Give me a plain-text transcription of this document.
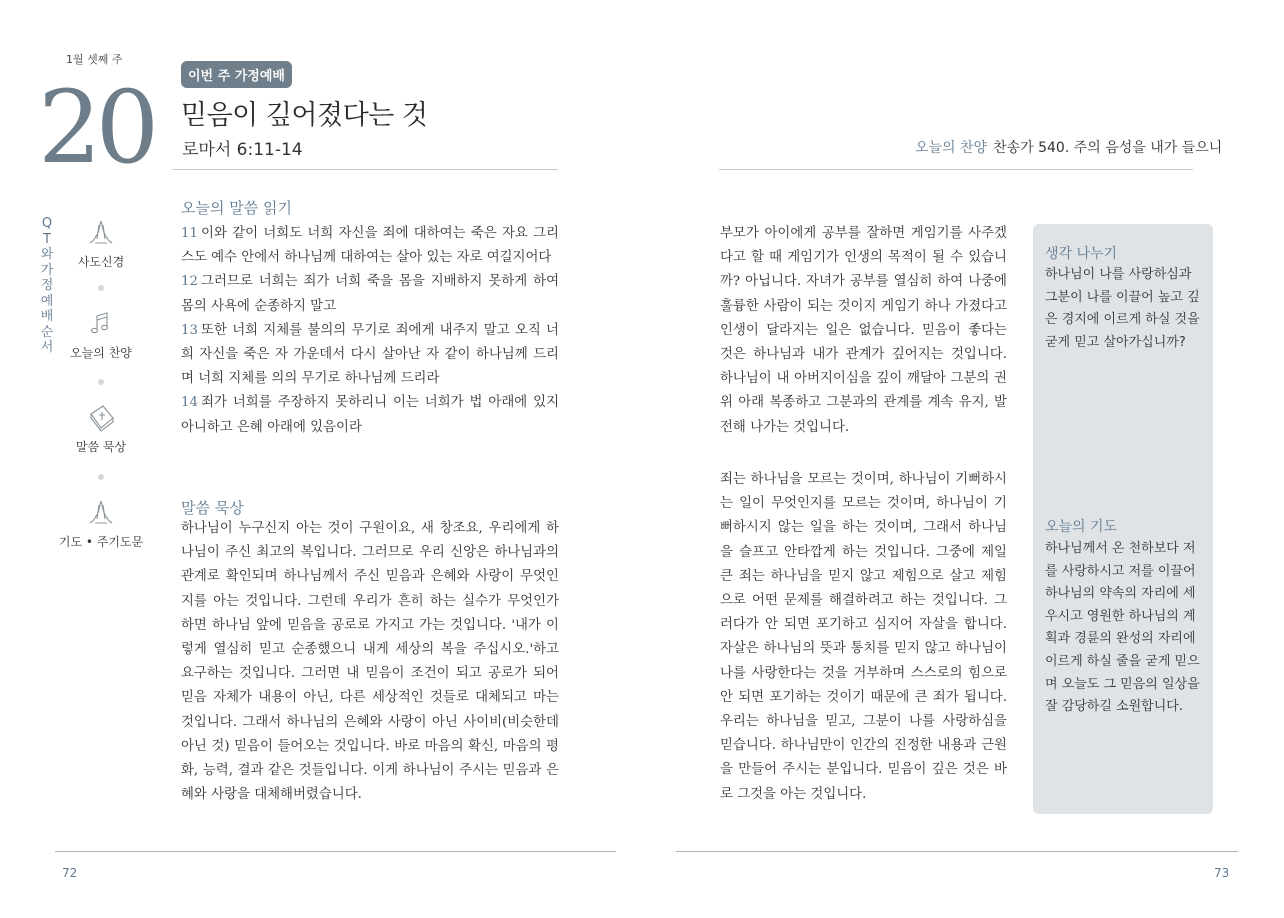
1월 셋째 주
20	이번 주 가정예배
믿음이 깊어졌다는 것
로마서 6:11-14
QT와 가정예배 순서
사도신경
오늘의 찬양
말씀 묵상
기도 • 주기도문
오늘의 말씀 읽기
11 이와 같이 너희도 너희 자신을 죄에 대하여는 죽은 자요 그리스도 예수 안에서 하나님께 대하여는 살아 있는 자로 여길지어다
12 그러므로 너희는 죄가 너희 죽을 몸을 지배하지 못하게 하여 몸의 사욕에 순종하지 말고
13 또한 너희 지체를 불의의 무기로 죄에게 내주지 말고 오직 너희 자신을 죽은 자 가운데서 다시 살아난 자 같이 하나님께 드리며 너희 지체를 의의 무기로 하나님께 드리라
14 죄가 너희를 주장하지 못하리니 이는 너희가 법 아래에 있지 아니하고 은혜 아래에 있음이라
말씀 묵상
하나님이 누구신지 아는 것이 구원이요, 새 창조요, 우리에게 하나님이 주신 최고의 복입니다. 그러므로 우리 신앙은 하나님과의 관계로 확인되며 하나님께서 주신 믿음과 은혜와 사랑이 무엇인지를 아는 것입니다. 그런데 우리가 흔히 하는 실수가 무엇인가 하면 하나님 앞에 믿음을 공로로 가지고 가는 것입니다. '내가 이렇게 열심히 믿고 순종했으니 내게 세상의 복을 주십시오.'하고 요구하는 것입니다. 그러면 내 믿음이 조건이 되고 공로가 되어 믿음 자체가 내용이 아닌, 다른 세상적인 것들로 대체되고 마는 것입니다. 그래서 하나님의 은혜와 사랑이 아닌 사이비(비슷한데 아닌 것) 믿음이 들어오는 것입니다. 바로 마음의 확신, 마음의 평화, 능력, 결과 같은 것들입니다. 이게 하나님이 주시는 믿음과 은혜와 사랑을 대체해버렸습니다.
오늘의 찬양 찬송가 540. 주의 음성을 내가 들으니
부모가 아이에게 공부를 잘하면 게임기를 사주겠다고 할 때 게임기가 인생의 목적이 될 수 있습니까? 아닙니다. 자녀가 공부를 열심히 하여 나중에 훌륭한 사람이 되는 것이지 게임기 하나 가졌다고 인생이 달라지는 일은 없습니다. 믿음이 좋다는 것은 하나님과 내가 관계가 깊어지는 것입니다. 하나님이 내 아버지이심을 깊이 깨달아 그분의 권위 아래 복종하고 그분과의 관계를 계속 유지, 발전해 나가는 것입니다.
죄는 하나님을 모르는 것이며, 하나님이 기뻐하시는 일이 무엇인지를 모르는 것이며, 하나님이 기뻐하시지 않는 일을 하는 것이며, 그래서 하나님을 슬프고 안타깝게 하는 것입니다. 그중에 제일 큰 죄는 하나님을 믿지 않고 제힘으로 살고 제힘으로 어떤 문제를 해결하려고 하는 것입니다. 그러다가 안 되면 포기하고 심지어 자살을 합니다. 자살은 하나님의 뜻과 통치를 믿지 않고 하나님이 나를 사랑한다는 것을 거부하며 스스로의 힘으로 안 되면 포기하는 것이기 때문에 큰 죄가 됩니다. 우리는 하나님을 믿고, 그분이 나를 사랑하심을 믿습니다. 하나님만이 인간의 진정한 내용과 근원을 만들어 주시는 분입니다. 믿음이 깊은 것은 바로 그것을 아는 것입니다.
생각 나누기
하나님이 나를 사랑하심과 그분이 나를 이끌어 높고 깊은 경지에 이르게 하실 것을 굳게 믿고 살아가십니까?
오늘의 기도
하나님께서 온 천하보다 저를 사랑하시고 저를 이끌어 하나님의 약속의 자리에 세우시고 영원한 하나님의 계획과 경륜의 완성의 자리에 이르게 하실 줄을 굳게 믿으며 오늘도 그 믿음의 일상을 잘 감당하길 소원합니다.
72	73
